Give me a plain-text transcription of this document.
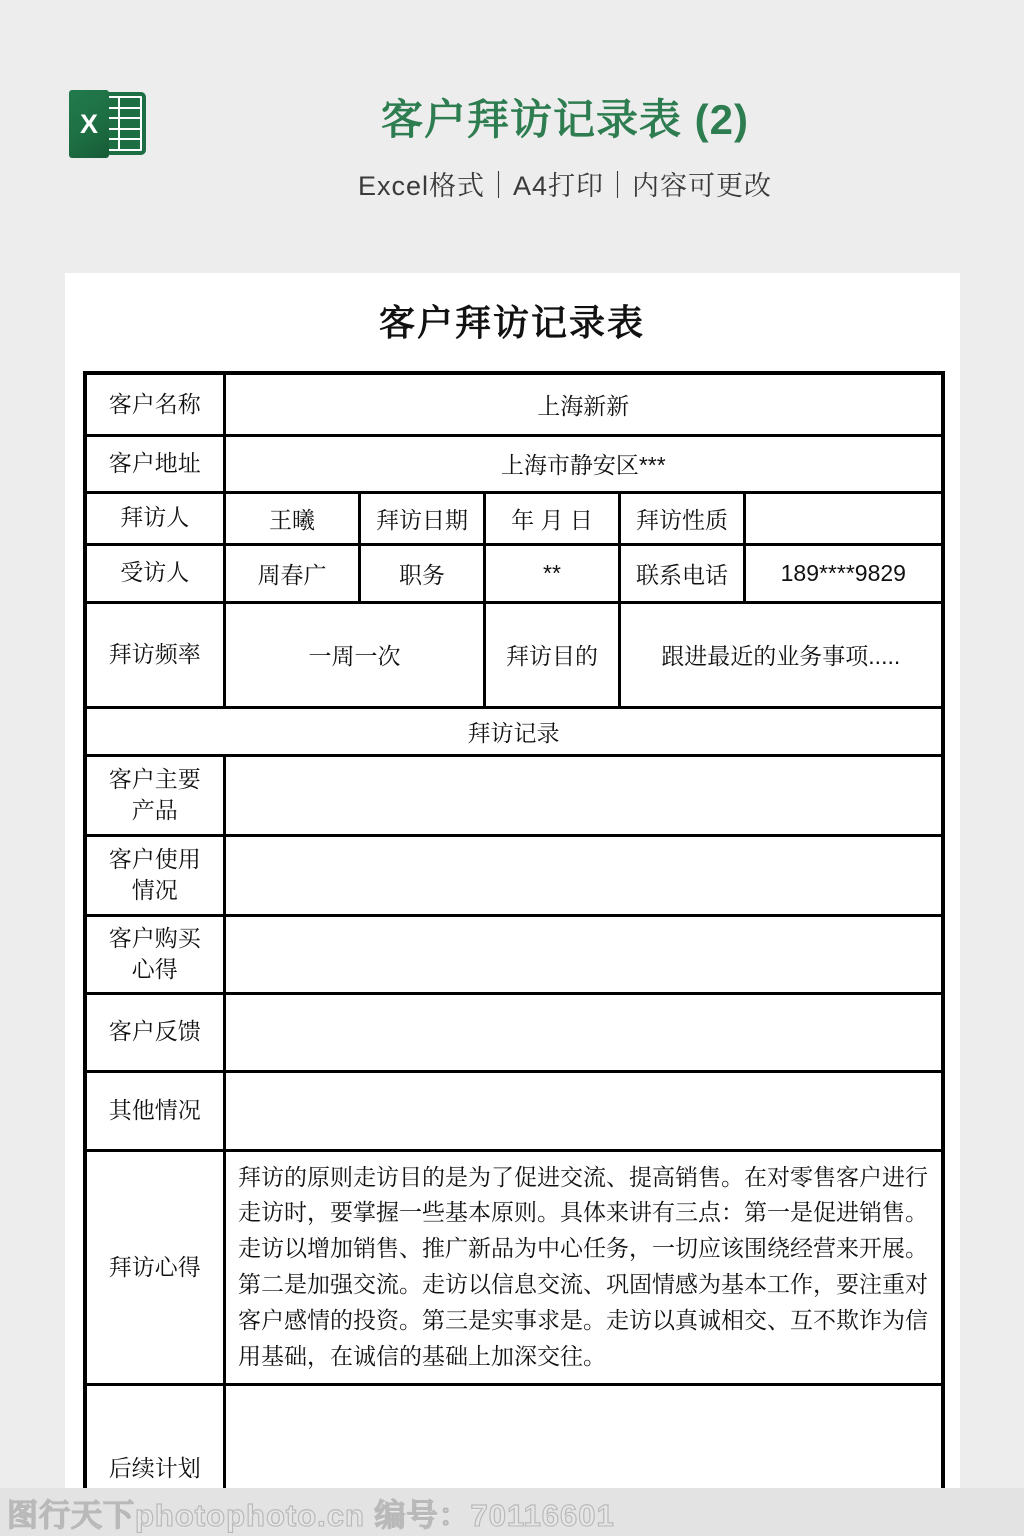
X	客户拜访记录表 (2)
Excel格式｜A4打印｜内容可更改
客户拜访记录表
客户名称	上海新新				
客户地址	上海市静安区***				
拜访人	王曦	拜访日期	年 月 日	拜访性质	
受访人	周春广	职务	**	联系电话	189****9829
拜访频率	一周一次		拜访目的	跟进最近的业务事项.....	
拜访记录					
客户主要产品					
客户使用情况					
客户购买心得					
客户反馈					
其他情况					
拜访心得	拜访的原则走访目的是为了促进交流、提高销售。在对零售客户进行走访时，要掌握一些基本原则。具体来讲有三点：第一是促进销售。走访以增加销售、推广新品为中心任务，一切应该围绕经营来开展。第二是加强交流。走访以信息交流、巩固情感为基本工作，要注重对客户感情的投资。第三是实事求是。走访以真诚相交、互不欺诈为信用基础，在诚信的基础上加深交往。				
后续计划					
图行天下photophoto.cn 编号：70116601
